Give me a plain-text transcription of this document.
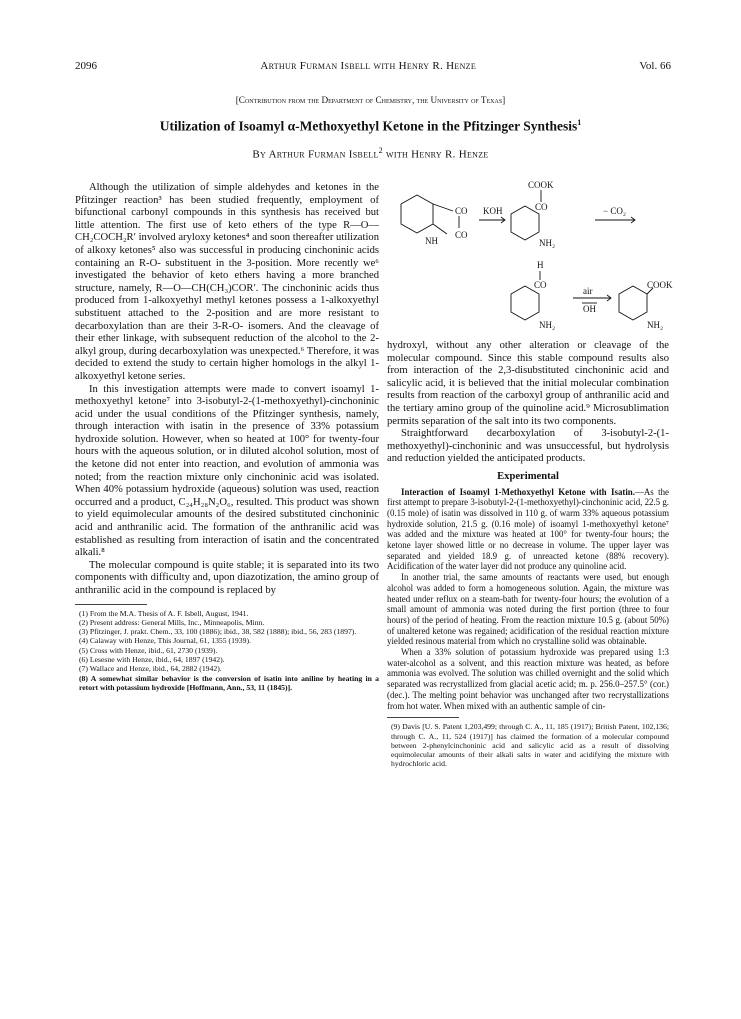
2096	Arthur Furman Isbell with Henry R. Henze	Vol. 66
[Contribution from the Department of Chemistry, the University of Texas]
Utilization of Isoamyl α-Methoxyethyl Ketone in the Pfitzinger Synthesis$^1$
By Arthur Furman Isbell$^2$ with Henry R. Henze
CO
CO
NH
KOH
COOK
CO
NH₂
− CO₂
H
CO
NH₂
air
OH
COOK
NH₂

Although the utilization of simple aldehydes and ketones in the Pfitzinger reaction³ has been studied frequently, employment of bifunctional carbonyl compounds in this synthesis has received but little attention. The first use of keto ethers of the type R—O—CH₂COCH₂R′ involved aryloxy ketones⁴ and soon thereafter utilization of alkoxy ketones⁵ also was successful in producing cinchoninic acids containing an R-O- substituent in the 3-position. More recently we⁶ investigated the behavior of keto ethers having a more branched structure, namely, R—O—CH(CH₃)COR′. The cinchoninic acids thus produced from 1-alkoxyethyl methyl ketones possess a 1-alkoxyethyl substituent attached to the 2-position and are more resistant to decarboxylation than are their 3-R-O- isomers. And the cleavage of their ether linkage, with subsequent reduction of the alcohol to the 2-alkyl group, during decarboxylation was unexpected.⁶ Therefore, it was decided to extend the study to certain higher homologs in the alkyl 1-alkoxyethyl ketone series.

In this investigation attempts were made to convert isoamyl 1-methoxyethyl ketone⁷ into 3-isobutyl-2-(1-methoxyethyl)-cinchoninic acid under the usual conditions of the Pfitzinger synthesis, namely, through interaction with isatin in the presence of 33% potassium hydroxide solution. However, when so heated at 100° for twenty-four hours with the aqueous solution, or in diluted alcohol solution, most of the ketone did not enter into reaction, and evolution of ammonia was noted; from the reaction mixture only cinchoninic acid was isolated. When 40% potassium hydroxide (aqueous) solution was used, reaction occurred and a product, C₂₄H₂₈N₂O₆, resulted. This product was shown to yield equimolecular amounts of the desired substituted cinchoninic acid and anthranilic acid. The formation of the anthranilic acid was established as resulting from interaction of isatin and the concentrated alkali.⁸

The molecular compound is quite stable; it is separated into its two components with difficulty and, upon diazotization, the amino group of anthranilic acid in the compound is replaced by

(1) From the M.A. Thesis of A. F. Isbell, August, 1941.

(2) Present address: General Mills, Inc., Minneapolis, Minn.

(3) Pfitzinger, J. prakt. Chem., 33, 100 (1886); ibid., 38, 582 (1888); ibid., 56, 283 (1897).

(4) Calaway with Henze, This Journal, 61, 1355 (1939).

(5) Cross with Henze, ibid., 61, 2730 (1939).

(6) Lesesne with Henze, ibid., 64, 1897 (1942).

(7) Wallace and Henze, ibid., 64, 2882 (1942).

(8) A somewhat similar behavior is the conversion of isatin into aniline by heating in a retort with potassium hydroxide [Hoffmann, Ann., 53, 11 (1845)].

hydroxyl, without any other alteration or cleavage of the molecular compound. Since this stable compound results also from interaction of the 2,3-disubstituted cinchoninic acid and salicylic acid, it is believed that the initial molecular combination results from reaction of the carboxyl group of anthranilic acid and the tertiary amino group of the quinoline acid.⁹ Microsublimation permits separation of the salt into its two components.

Straightforward decarboxylation of 3-isobutyl-2-(1-methoxyethyl)-cinchoninic and was unsuccessful, but hydrolysis and reduction yielded the anticipated products.

Experimental

Interaction of Isoamyl 1-Methoxyethyl Ketone with Isatin.—As the first attempt to prepare 3-isobutyl-2-(1-methoxyethyl)-cinchoninic acid, 22.5 g. (0.15 mole) of isatin was dissolved in 110 g. of warm 33% aqueous potassium hydroxide solution, 21.5 g. (0.16 mole) of isoamyl 1-methoxyethyl ketone⁷ was added and the mixture was heated at 100° for twenty-four hours; the ketone layer showed little or no decrease in volume. The upper layer was separated and yielded 18.9 g. of unreacted ketone (88% recovery). Acidification of the water layer did not produce any quinoline acid.

In another trial, the same amounts of reactants were used, but enough alcohol was added to form a homogeneous solution. Again, the mixture was heated under reflux on a steam-bath for twenty-four hours; the evolution of a small amount of ammonia was noted during the first portion (three to four hours) of the period of heating. From the reaction mixture 10.5 g. (about 50%) of unaltered ketone was regained; acidification of the residual reaction mixture yielded resinous material from which no crystalline solid was obtainable.

When a 33% solution of potassium hydroxide was prepared using 1:3 water-alcohol as a solvent, and this reaction mixture was heated, as before ammonia was evolved. The solution was chilled overnight and the solid which separated was recrystallized from glacial acetic acid; m. p. 256.0–257.5° (cor.) (dec.). The melting point behavior was unchanged after two recrystallizations from hot water. When mixed with an authentic sample of cin-

(9) Davis [U. S. Patent 1,203,499; through C. A., 11, 185 (1917); British Patent, 102,136; through C. A., 11, 524 (1917)] has claimed the formation of a molecular compound between 2-phenylcinchoninic acid and salicylic acid as a result of dissolving equimolecular amounts of their alkali salts in water and acidifying the mixture with hydrochloric acid.
